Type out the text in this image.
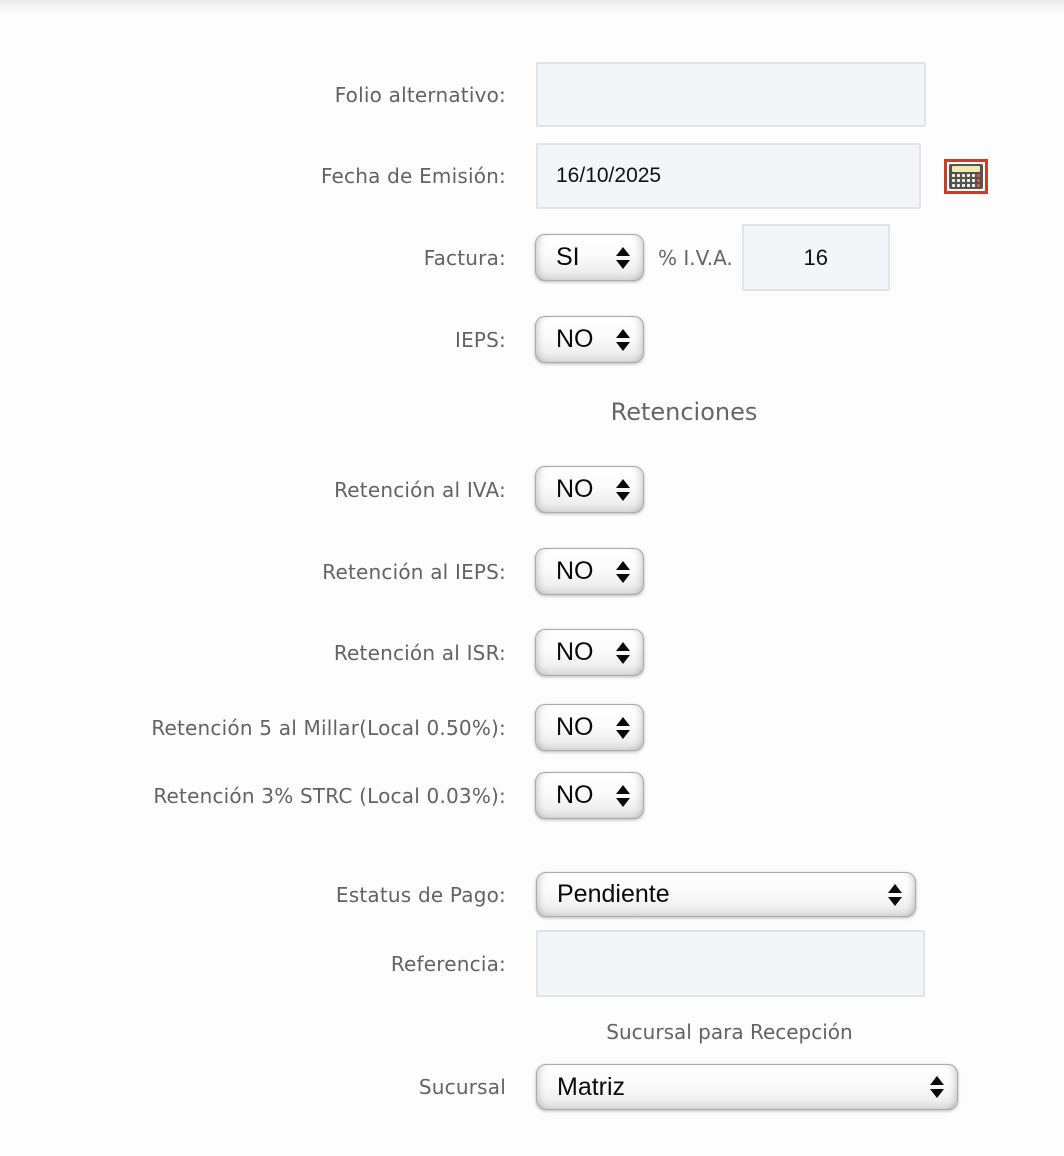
Folio alternativo:
Fecha de Emisión:
16/10/2025
Factura: SI	% I.V.A.
16
IEPS: NO
Retenciones
Retención al IVA: NO
Retención al IEPS: NO
Retención al ISR: NO
Retención 5 al Millar(Local 0.50%): NO
Retención 3% STRC (Local 0.03%): NO
Estatus de Pago: Pendiente
Referencia:
Sucursal para Recepción
Sucursal Matriz
